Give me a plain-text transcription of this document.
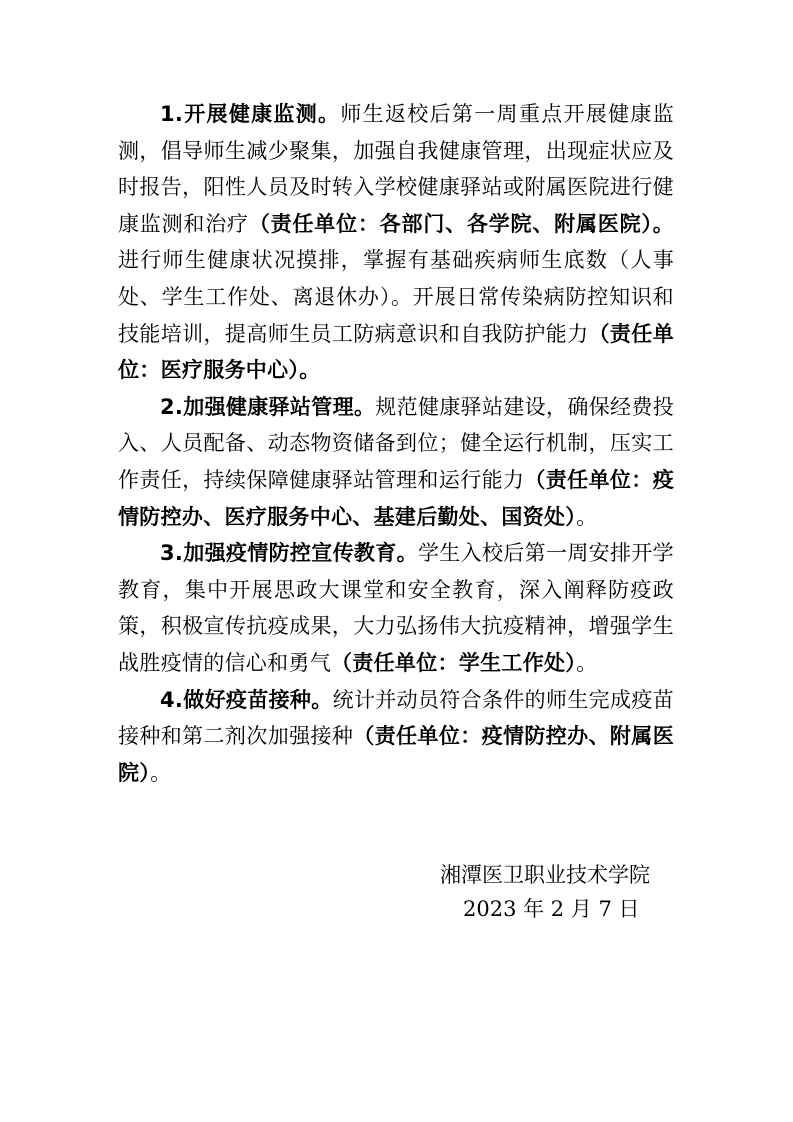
1.开展健康监测。师生返校后第一周重点开展健康监测，倡导师生减少聚集，加强自我健康管理，出现症状应及时报告，阳性人员及时转入学校健康驿站或附属医院进行健康监测和治疗（责任单位：各部门、各学院、附属医院）。进行师生健康状况摸排，掌握有基础疾病师生底数（人事处、学生工作处、离退休办）。开展日常传染病防控知识和技能培训，提高师生员工防病意识和自我防护能力（责任单位：医疗服务中心）。

2.加强健康驿站管理。规范健康驿站建设，确保经费投入、人员配备、动态物资储备到位；健全运行机制，压实工作责任，持续保障健康驿站管理和运行能力（责任单位：疫情防控办、医疗服务中心、基建后勤处、国资处）。

3.加强疫情防控宣传教育。学生入校后第一周安排开学教育，集中开展思政大课堂和安全教育，深入阐释防疫政策，积极宣传抗疫成果，大力弘扬伟大抗疫精神，增强学生战胜疫情的信心和勇气（责任单位：学生工作处）。

4.做好疫苗接种。统计并动员符合条件的师生完成疫苗接种和第二剂次加强接种（责任单位：疫情防控办、附属医院）。

湘潭医卫职业技术学院
2023 年 2 月 7 日
